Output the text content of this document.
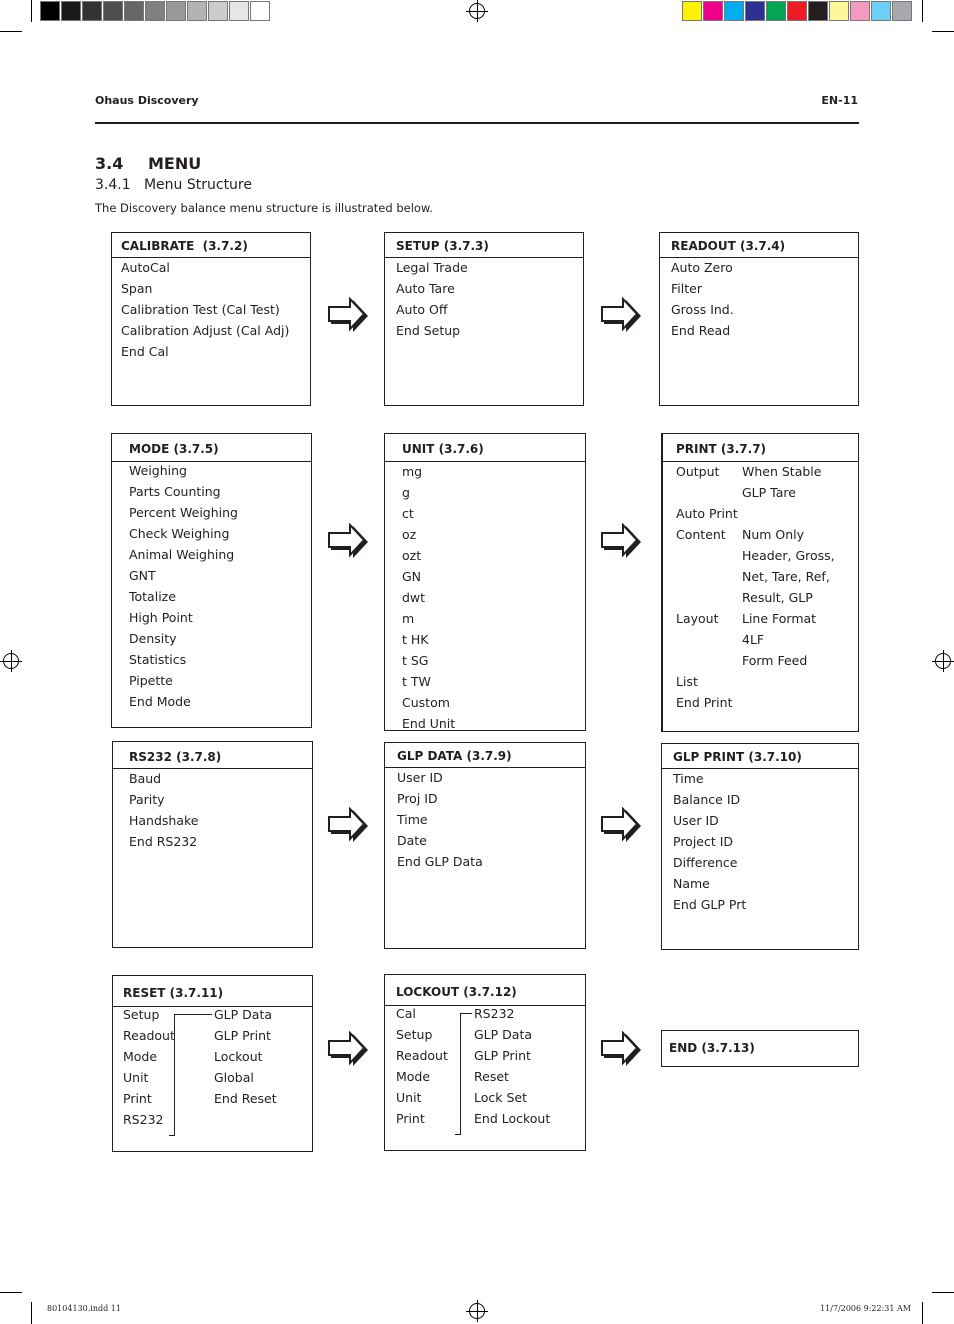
Ohaus Discovery	EN-11
3.4 MENU
3.4.1   Menu Structure
The Discovery balance menu structure is illustrated below.
CALIBRATE  (3.7.2)
AutoCal
Span
Calibration Test (Cal Test)
Calibration Adjust (Cal Adj)
End Cal
SETUP (3.7.3)
Legal Trade
Auto Tare
Auto Off
End Setup
READOUT (3.7.4)
Auto Zero
Filter
Gross Ind.
End Read
MODE (3.7.5)
Weighing
Parts Counting
Percent Weighing
Check Weighing
Animal Weighing
GNT
Totalize
High Point
Density
Statistics
Pipette
End Mode
UNIT (3.7.6)
mg
g
ct
oz
ozt
GN
dwt
m
t HK
t SG
t TW
Custom
End Unit
PRINT (3.7.7)
Output
Auto Print
Content
Layout
List
End Print
When Stable
GLP Tare
Num Only
Header, Gross,
Net, Tare, Ref,
Result, GLP
Line Format
4LF
Form Feed
RS232 (3.7.8)
Baud
Parity
Handshake
End RS232
GLP DATA (3.7.9)
User ID
Proj ID
Time
Date
End GLP Data
GLP PRINT (3.7.10)
Time
Balance ID
User ID
Project ID
Difference
Name
End GLP Prt
RESET (3.7.11)
Setup
Readout
Mode
Unit
Print
RS232
GLP Data
GLP Print
Lockout
Global
End Reset
LOCKOUT (3.7.12)
Cal
Setup
Readout
Mode
Unit
Print
RS232
GLP Data
GLP Print
Reset
Lock Set
End Lockout
END (3.7.13)
80104130.indd 11	11/7/2006 9:22:31 AM
